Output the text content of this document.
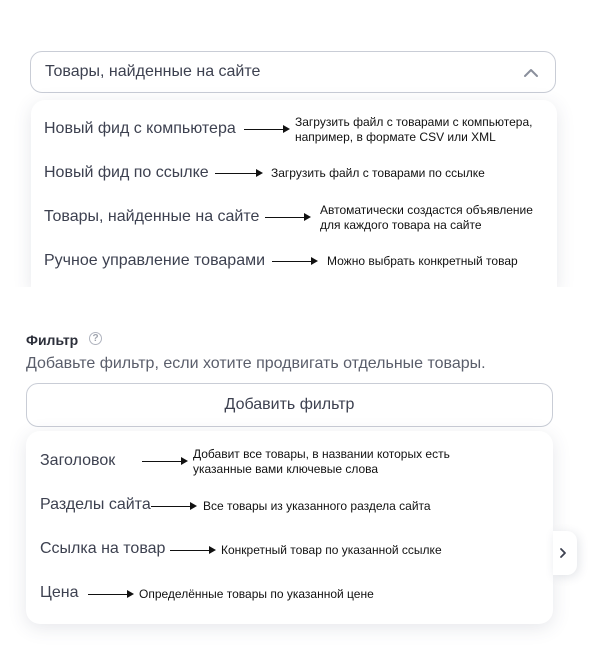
Товары, найденные на сайте
Новый фид с компьютера	Загрузить файл с товарами с компьютера,
например, в формате CSV или XML
Новый фид по ссылке	Загрузить файл с товарами по ссылке
Товары, найденные на сайте	Автоматически создастся объявление
для каждого товара на сайте
Ручное управление товарами	Можно выбрать конкретный товар
Фильтр	?
Добавьте фильтр, если хотите продвигать отдельные товары.
Добавить фильтр
Заголовок	Добавит все товары, в названии которых есть
указанные вами ключевые слова
Разделы сайта	Все товары из указанного раздела сайта
Ссылка на товар	Конкретный товар по указанной ссылке
Цена	Определённые товары по указанной цене
